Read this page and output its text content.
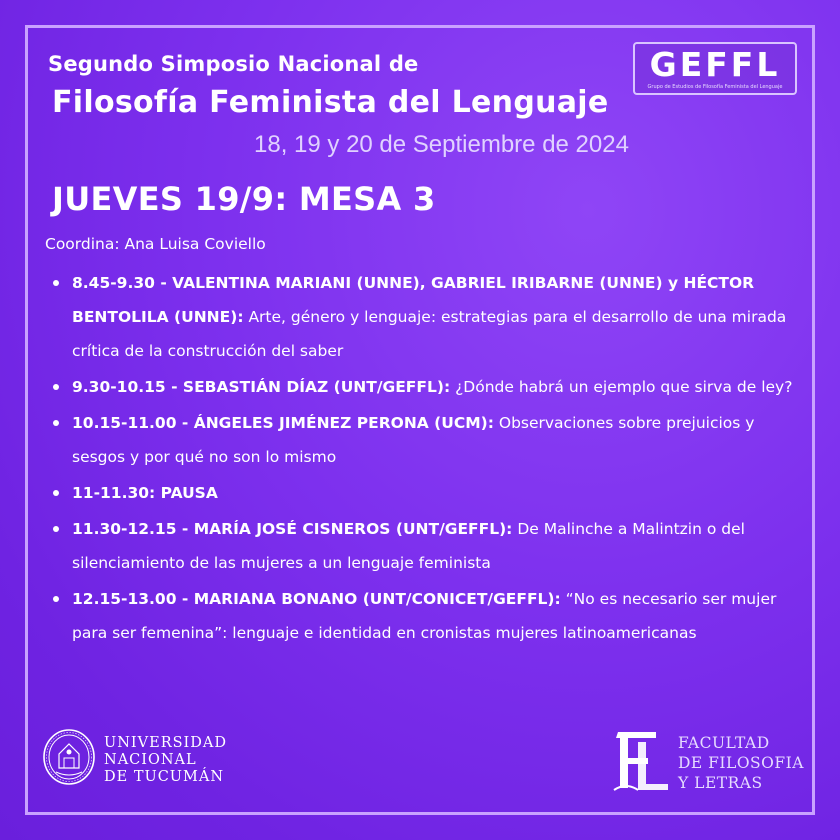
Segundo Simposio Nacional de
Filosofía Feminista del Lenguaje
18, 19 y 20 de Septiembre de 2024
GEFFL
Grupo de Estudios de Filosofía Feminista del Lenguaje
JUEVES 19/9: MESA 3
Coordina: Ana Luisa Coviello
8.45-9.30 - VALENTINA MARIANI (UNNE), GABRIEL IRIBARNE (UNNE) y HÉCTOR BENTOLILA (UNNE): Arte, género y lenguaje: estrategias para el desarrollo de una mirada crítica de la construcción del saber
9.30-10.15 - SEBASTIÁN DÍAZ (UNT/GEFFL): ¿Dónde habrá un ejemplo que sirva de ley?
10.15-11.00 - ÁNGELES JIMÉNEZ PERONA (UCM): Observaciones sobre prejuicios y sesgos y por qué no son lo mismo
11-11.30: PAUSA
11.30-12.15 - MARÍA JOSÉ CISNEROS (UNT/GEFFL): De Malinche a Malintzin o del silenciamiento de las mujeres a un lenguaje feminista
12.15-13.00 - MARIANA BONANO (UNT/CONICET/GEFFL): “No es necesario ser mujer para ser femenina”: lenguaje e identidad en cronistas mujeres latinoamericanas
UNIVERSIDAD
NACIONAL
DE TUCUMÁN
FACULTAD
DE FILOSOFIA
Y LETRAS
